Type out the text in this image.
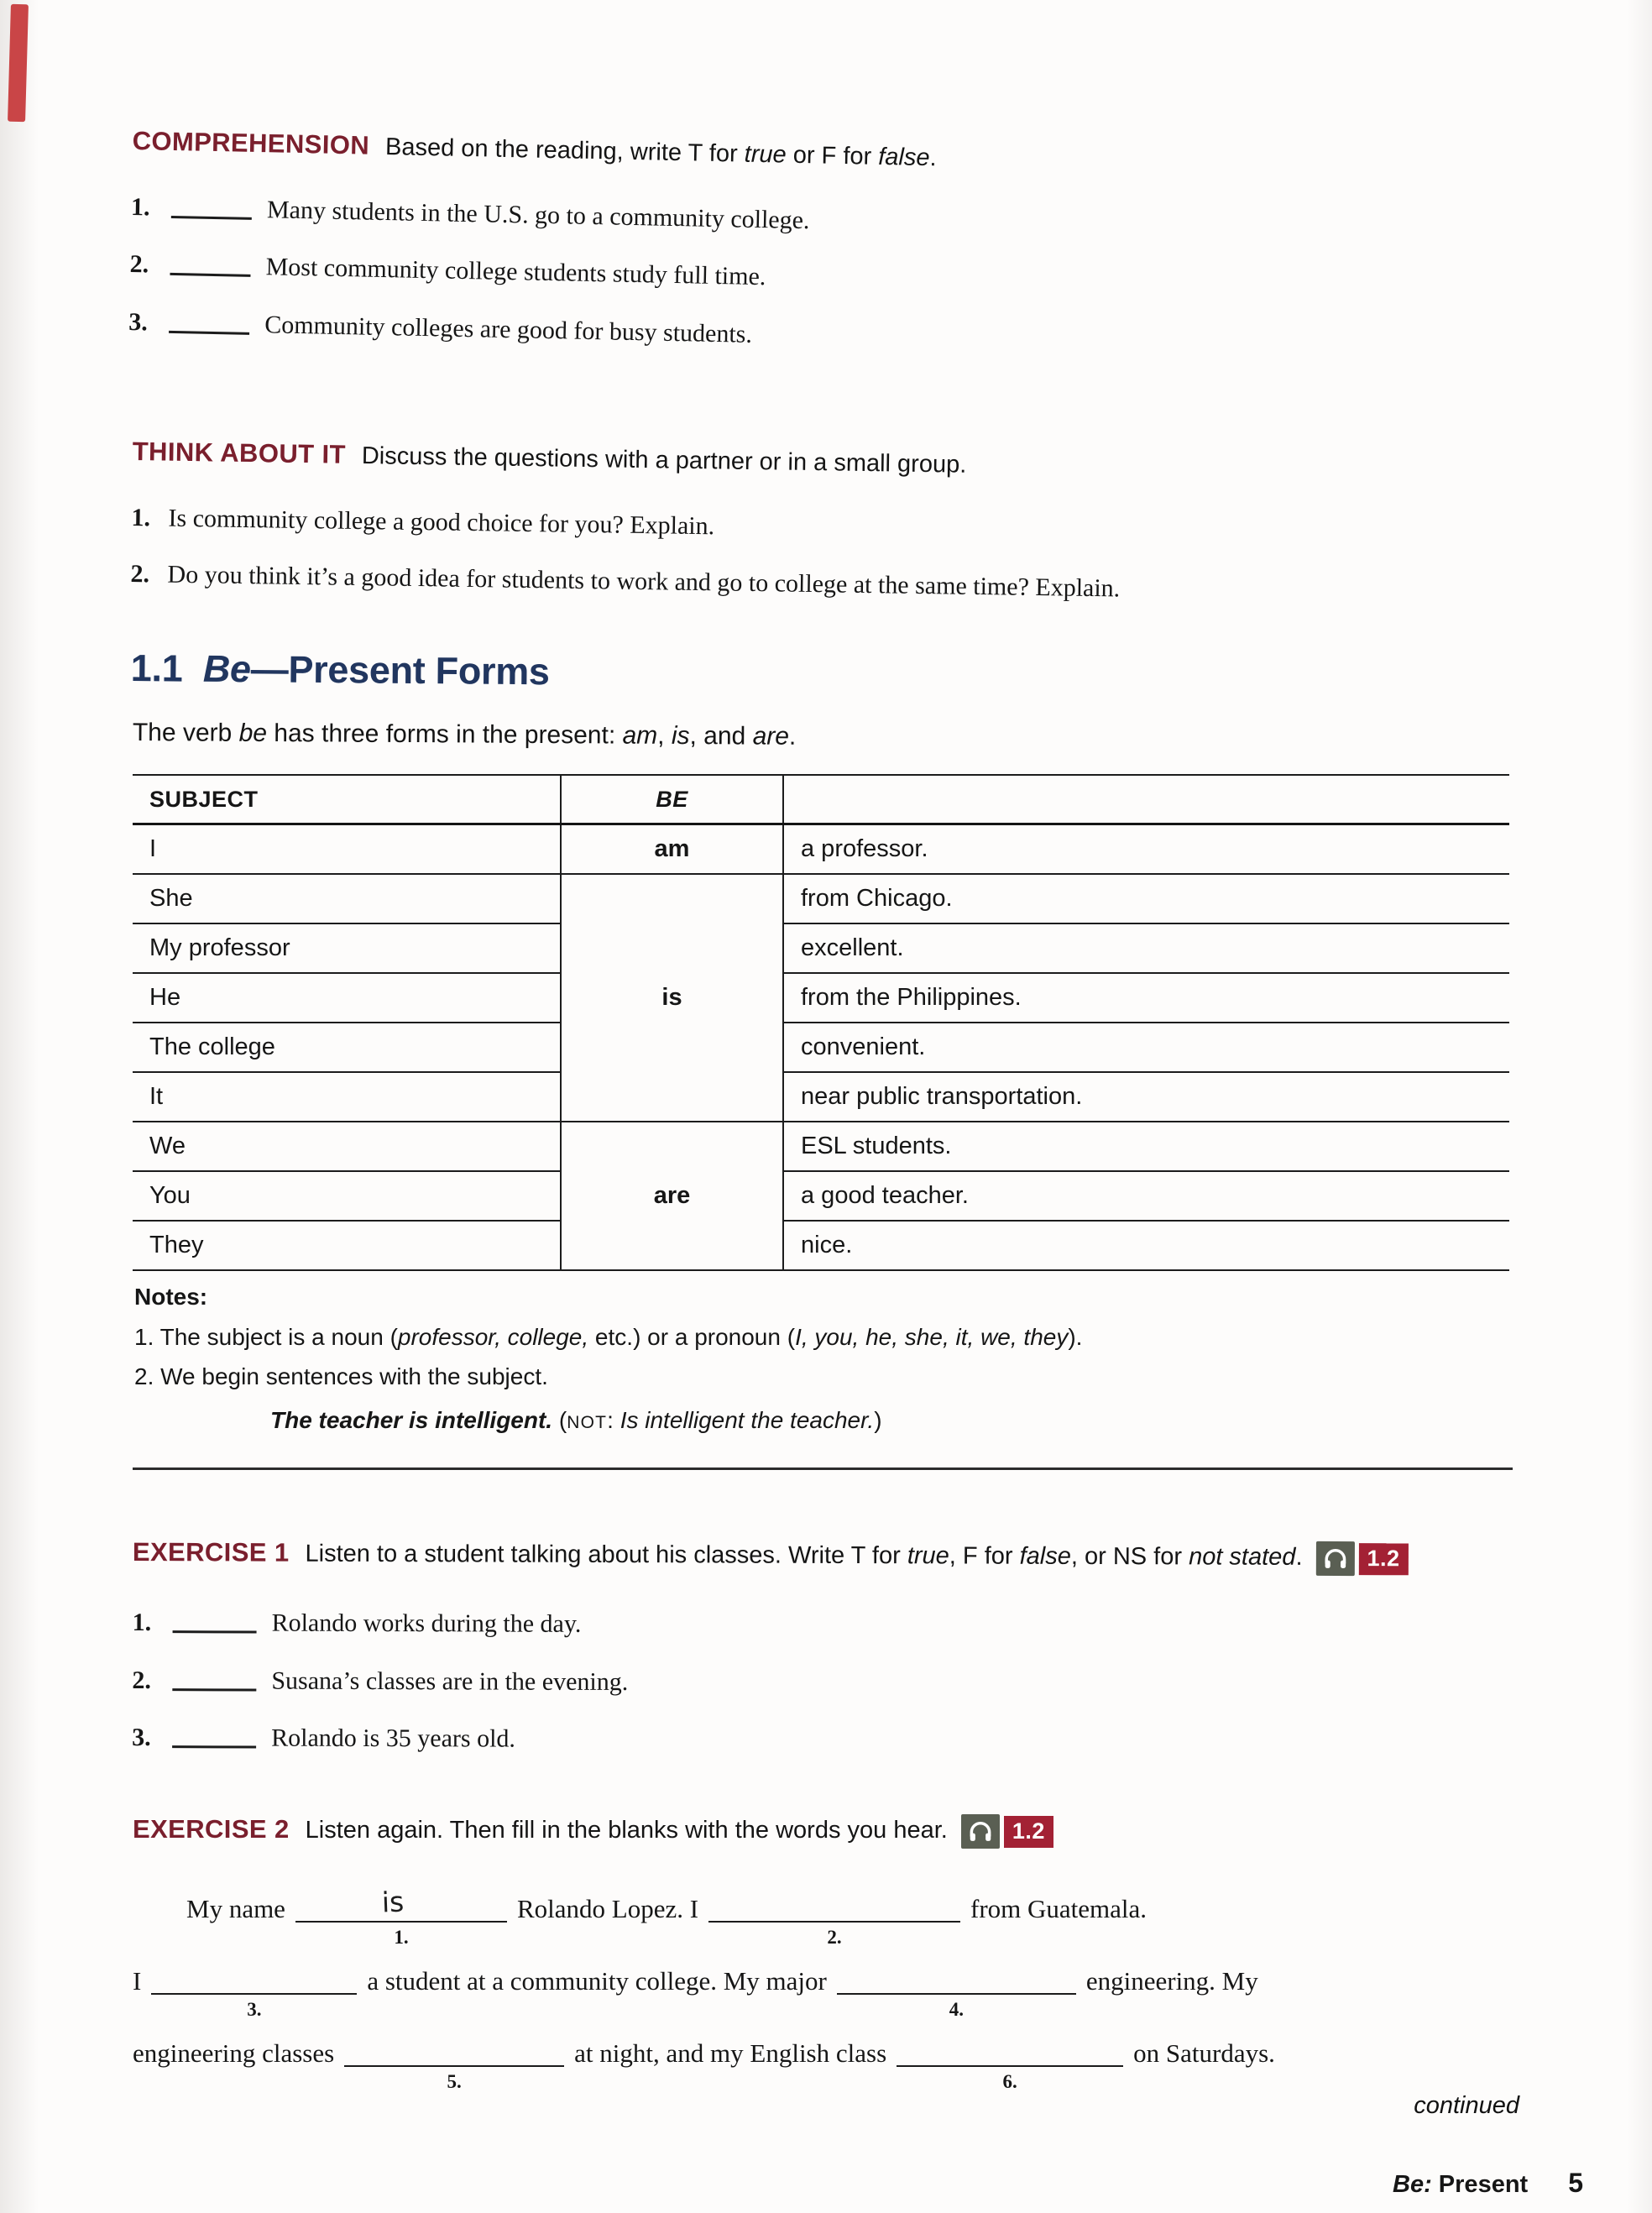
COMPREHENSION Based on the reading, write T for true or F for false.
1.	Many students in the U.S. go to a community college.
2.	Most community college students study full time.
3.	Community colleges are good for busy students.
THINK ABOUT IT Discuss the questions with a partner or in a small group.
1. Is community college a good choice for you? Explain.
2. Do you think it’s a good idea for students to work and go to college at the same time? Explain.
1.1 Be—Present Forms
The verb be has three forms in the present: am, is, and are.
SUBJECT	BE	
I	am	a professor.
She	is	from Chicago.
My professor		excellent.
He		from the Philippines.
The college		convenient.
It		near public transportation.
We	are	ESL students.
You		a good teacher.
They		nice.
Notes:
1. The subject is a noun (professor, college, etc.) or a pronoun (I, you, he, she, it, we, they).
2. We begin sentences with the subject.
The teacher is intelligent. (NOT: Is intelligent the teacher.)
EXERCISE 1 Listen to a student talking about his classes. Write T for true, F for false, or NS for not stated.	1.2
1.	Rolando works during the day.
2.	Susana’s classes are in the evening.
3.	Rolando is 35 years old.
EXERCISE 2 Listen again. Then fill in the blanks with the words you hear.	1.2
My name	is
1.
Rolando Lopez. I
2.
from Guatemala.
I
3.
a student at a community college. My major
4.
engineering. My
engineering classes
5.
at night, and my English class
6.
on Saturdays.
continued
Be: Present 5
